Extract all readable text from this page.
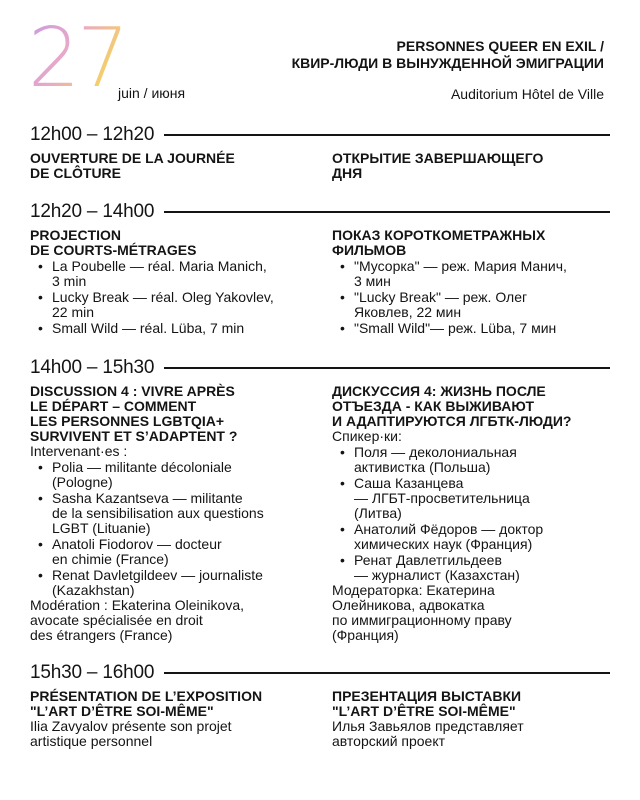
27
juin / июня
PERSONNES QUEER EN EXIL /
КВИР-ЛЮДИ В ВЫНУЖДЕННОЙ ЭМИГРАЦИИ
Auditorium Hôtel de Ville
12h00 – 12h20
OUVERTURE DE LA JOURNÉE
DE CLÔTURE
ОТКРЫТИЕ ЗАВЕРШАЮЩЕГО
ДНЯ
12h20 – 14h00
PROJECTION
DE COURTS-MÉTRAGES
• La Poubelle — réal. Maria Manich,
3 min
• Lucky Break — réal. Oleg Yakovlev,
22 min
• Small Wild — réal. Lüba, 7 min
ПОКАЗ КОРОТКОМЕТРАЖНЫХ
ФИЛЬМОВ
• "Мусорка" — реж. Мария Манич,
3 мин
• "Lucky Break" — реж. Олег
Яковлев, 22 мин
• "Small Wild"— реж. Lüba, 7 мин
14h00 – 15h30
DISCUSSION 4 : VIVRE APRÈS
LE DÉPART – COMMENT
LES PERSONNES LGBTQIA+
SURVIVENT ET S’ADAPTENT ?
Intervenant·es :
• Polia — militante décoloniale
(Pologne)
• Sasha Kazantseva — militante
de la sensibilisation aux questions
LGBT (Lituanie)
• Anatoli Fiodorov — docteur
en chimie (France)
• Renat Davletgildeev — journaliste
(Kazakhstan)
Modération : Ekaterina Oleinikova,
avocate spécialisée en droit
des étrangers (France)
ДИСКУССИЯ 4: ЖИЗНЬ ПОСЛЕ
ОТЪЕЗДА - КАК ВЫЖИВАЮТ
И АДАПТИРУЮТСЯ ЛГБТК-ЛЮДИ?
Спикер·ки:
• Поля — деколониальная
активистка (Польша)
• Саша Казанцева
— ЛГБТ-просветительница
(Литва)
• Анатолий Фёдоров — доктор
химических наук (Франция)
• Ренат Давлетгильдеев
— журналист (Казахстан)
Модераторка: Екатерина
Олейникова, адвокатка
по иммиграционному праву
(Франция)
15h30 – 16h00
PRÉSENTATION DE L’EXPOSITION
"L’ART D’ÊTRE SOI-MÊME"
Ilia Zavyalov présente son projet
artistique personnel
ПРЕЗЕНТАЦИЯ ВЫСТАВКИ
"L’ART D’ÊTRE SOI-MÊME"
Илья Завьялов представляет
авторский проект
